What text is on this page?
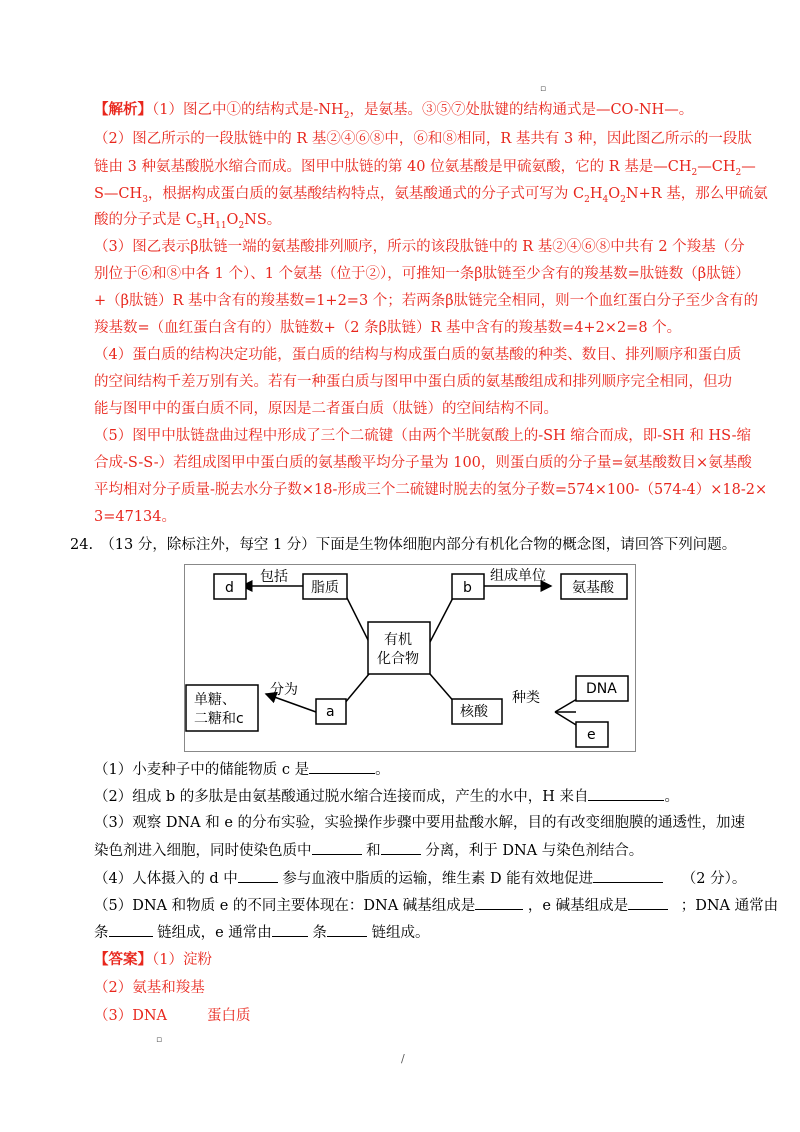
▫
【解析】（1）图乙中①的结构式是$-NH_2$，是氨基。③⑤⑦处肽键的结构通式是—CO-NH—。
（2）图乙所示的一段肽链中的 R 基②④⑥⑧中，⑥和⑧相同，R 基共有 3 种，因此图乙所示的一段肽
链由 3 种氨基酸脱水缩合而成。图甲中肽链的第 40 位氨基酸是甲硫氨酸，它的 R 基是$—CH_2—CH_2—$
$S—CH_3$，根据构成蛋白质的氨基酸结构特点，氨基酸通式的分子式可写为 $C_2H_4O_2N+R$ 基，那么甲硫氨
酸的分子式是 $C_5H_{11}O_2NS$。
（3）图乙表示β肽链一端的氨基酸排列顺序，所示的该段肽链中的 R 基②④⑥⑧中共有 2 个羧基（分
别位于⑥和⑧中各 1 个）、1 个氨基（位于②），可推知一条β肽链至少含有的羧基数=肽链数（β肽链）
+（β肽链）R 基中含有的羧基数=1+2=3 个；若两条β肽链完全相同，则一个血红蛋白分子至少含有的
羧基数=（血红蛋白含有的）肽链数+（2 条β肽链）R 基中含有的羧基数=4+2×2=8 个。
（4）蛋白质的结构决定功能，蛋白质的结构与构成蛋白质的氨基酸的种类、数目、排列顺序和蛋白质
的空间结构千差万别有关。若有一种蛋白质与图甲中蛋白质的氨基酸组成和排列顺序完全相同，但功
能与图甲中的蛋白质不同，原因是二者蛋白质（肽链）的空间结构不同。
（5）图甲中肽链盘曲过程中形成了三个二硫键（由两个半胱氨酸上的-SH 缩合而成，即-SH 和 HS-缩
合成-S-S-）若组成图甲中蛋白质的氨基酸平均分子量为 100，则蛋白质的分子量=氨基酸数目×氨基酸
平均相对分子质量-脱去水分子数×18-形成三个二硫键时脱去的氢分子数=574×100-（574-4）×18-2×
3=47134。
24.　（13 分，除标注外，每空 1 分）下面是生物体细胞内部分有机化合物的概念图，请回答下列问题。
d
包括
脂质	b
组成单位
氨基酸
有机
化合物
单糖、
二糖和c
分为
a	核酸
种类
DNA
e
（1）小麦种子中的储能物质 c 是	。
（2）组成 b 的多肽是由氨基酸通过脱水缩合连接而成，产生的水中，H 来自	。
（3）观察 DNA 和 e 的分布实验，实验操作步骤中要用盐酸水解，目的有改变细胞膜的通透性，加速
染色剂进入细胞，同时使染色质中	和	分离，利于 DNA 与染色剂结合。
（4）人体摄入的 d 中	参与血液中脂质的运输，维生素 D 能有效地促进	（2 分）。
（5）DNA 和物质 e 的不同主要体现在：DNA 碱基组成是	，e 碱基组成是	；DNA 通常由
条	链组成，e 通常由	条	链组成。
【答案】（1）淀粉
（2）氨基和羧基
（3）DNA	蛋白质
▫
/
